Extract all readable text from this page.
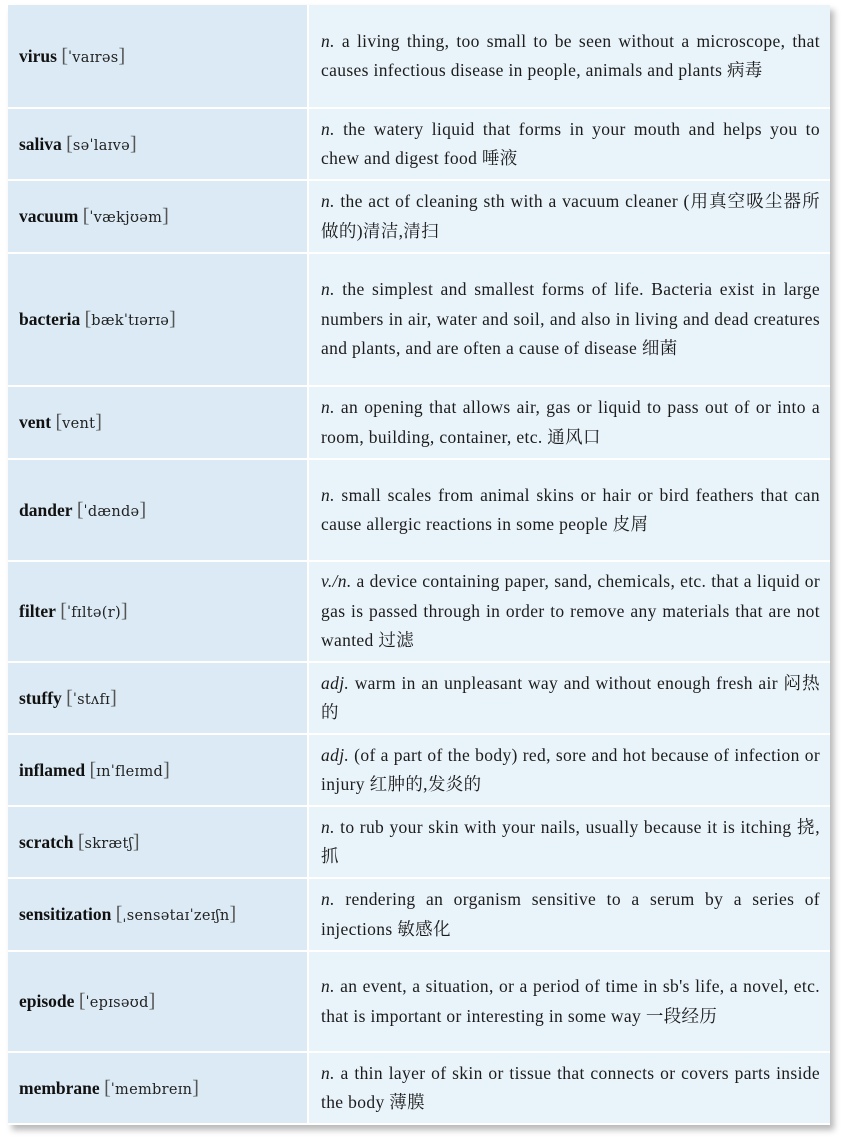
virus [ˈvaɪrəs]	n. a living thing, too small to be seen without a microscope, that causes infectious disease in people, animals and plants 病毒
saliva [səˈlaɪvə]	n. the watery liquid that forms in your mouth and helps you to chew and digest food 唾液
vacuum [ˈvækjʊəm]	n. the act of cleaning sth with a vacuum cleaner (用真空吸尘器所做的)清洁,清扫
bacteria [bækˈtɪərɪə]	n. the simplest and smallest forms of life. Bacteria exist in large numbers in air, water and soil, and also in living and dead creatures and plants, and are often a cause of disease 细菌
vent [vent]	n. an opening that allows air, gas or liquid to pass out of or into a room, building, container, etc. 通风口
dander [ˈdændə]	n. small scales from animal skins or hair or bird feathers that can cause allergic reactions in some people 皮屑
filter [ˈfɪltə(r)]	v./n. a device containing paper, sand, chemicals, etc. that a liquid or gas is passed through in order to remove any materials that are not wanted 过滤
stuffy [ˈstʌfɪ]	adj. warm in an unpleasant way and without enough fresh air 闷热的
inflamed [ɪnˈfleɪmd]	adj. (of a part of the body) red, sore and hot because of infection or injury 红肿的,发炎的
scratch [skrætʃ]	n. to rub your skin with your nails, usually because it is itching 挠,抓
sensitization [ˌsensətaɪˈzeɪʃn]	n. rendering an organism sensitive to a serum by a series of injections 敏感化
episode [ˈepɪsəʊd]	n. an event, a situation, or a period of time in sb's life, a novel, etc. that is important or interesting in some way 一段经历
membrane [ˈmembreɪn]	n. a thin layer of skin or tissue that connects or covers parts inside the body 薄膜
